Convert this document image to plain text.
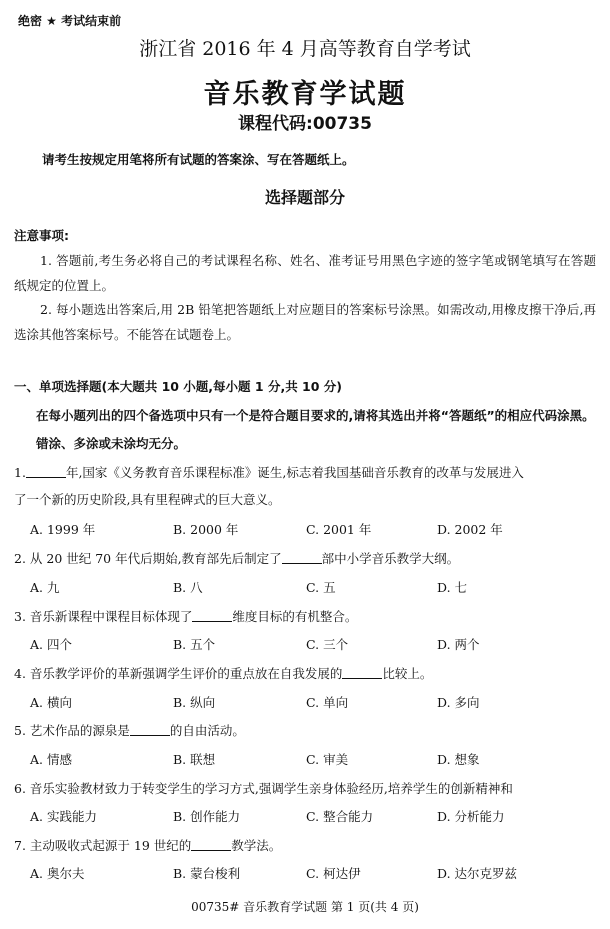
绝密 ★ 考试结束前
浙江省 2016 年 4 月高等教育自学考试
音乐教育学试题
课程代码:00735
请考生按规定用笔将所有试题的答案涂、写在答题纸上。
选择题部分
注意事项:
1. 答题前,考生务必将自己的考试课程名称、姓名、准考证号用黑色字迹的签字笔或钢笔填写在答题纸规定的位置上。
2. 每小题选出答案后,用 2B 铅笔把答题纸上对应题目的答案标号涂黑。如需改动,用橡皮擦干净后,再选涂其他答案标号。不能答在试题卷上。
一、单项选择题(本大题共 10 小题,每小题 1 分,共 10 分)
在每小题列出的四个备选项中只有一个是符合题目要求的,请将其选出并将“答题纸”的相应代码涂黑。错涂、多涂或未涂均无分。
1.	年,国家《义务教育音乐课程标准》诞生,标志着我国基础音乐教育的改革与发展进入
了一个新的历史阶段,具有里程碑式的巨大意义。
A. 1999 年	B. 2000 年	C. 2001 年	D. 2002 年
2. 从 20 世纪 70 年代后期始,教育部先后制定了	部中小学音乐教学大纲。
A. 九	B. 八	C. 五	D. 七
3. 音乐新课程中课程目标体现了	维度目标的有机整合。
A. 四个	B. 五个	C. 三个	D. 两个
4. 音乐教学评价的革新强调学生评价的重点放在自我发展的	比较上。
A. 横向	B. 纵向	C. 单向	D. 多向
5. 艺术作品的源泉是	的自由活动。
A. 情感	B. 联想	C. 审美	D. 想象
6. 音乐实验教材致力于转变学生的学习方式,强调学生亲身体验经历,培养学生的创新精神和
A. 实践能力	B. 创作能力	C. 整合能力	D. 分析能力
7. 主动吸收式起源于 19 世纪的	教学法。
A. 奥尔夫	B. 蒙台梭利	C. 柯达伊	D. 达尔克罗兹
00735# 音乐教育学试题 第 1 页(共 4 页)
